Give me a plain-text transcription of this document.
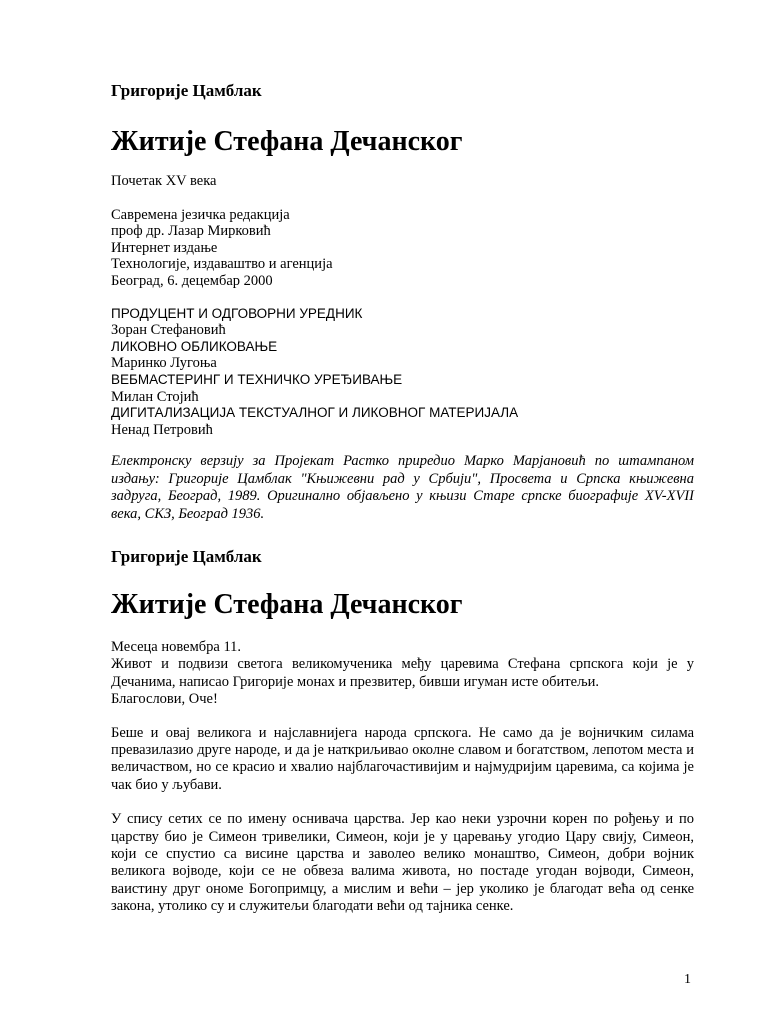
Григорије Цамблак

Житије Стефана Дечанског

Почетак XV века

Савремена језичка редакција

проф др. Лазар Мирковић

Интернет издање

Технологије, издаваштво и агенција

Београд, 6. децембар 2000

ПРОДУЦЕНТ И ОДГОВОРНИ УРЕДНИК

Зоран Стефановић

ЛИКОВНО ОБЛИКОВАЊЕ

Маринко Лугоња

ВЕБМАСТЕРИНГ И ТЕХНИЧКО УРЕЂИВАЊЕ

Милан Стојић

ДИГИТАЛИЗАЦИЈА ТЕКСТУАЛНОГ И ЛИКОВНОГ МАТЕРИЈАЛА

Ненад Петровић

Електронску верзију за Пројекат Растко приредио Марко Марјановић по штампаном издању: Григорије Цамблак "Књижевни рад у Србији", Просвета и Српска књижевна задруга, Београд, 1989. Оригинално објављено у књизи Старе српске биографије XV-XVII века, СКЗ, Београд 1936.

Григорије Цамблак

Житије Стефана Дечанског

Месеца новембра 11.

Живот и подвизи светога великомученика међу царевима Стефана српскога који је у Дечанима, написао Григорије монах и презвитер, бивши игуман исте обитељи.

Благослови, Оче!

Беше и овај великога и најславнијега народа српскога. Не само да је војничким силама превазилазио друге народе, и да је наткриљивао околне славом и богатством, лепотом места и величаством, но се красио и хвалио најблагочастивијим и најмудријим царевима, са којима је чак био у љубави.

У спису сетих се по имену оснивача царства. Јер као неки узрочни корен по рођењу и по царству био је Симеон тривелики, Симеон, који је у царевању угодио Цару свију, Симеон, који се спустио са висине царства и заволео велико монаштво, Симеон, добри војник великога војводе, који се не обвеза валима живота, но постаде угодан војводи, Симеон, ваистину друг ономе Богопримцу, а мислим и већи – јер уколико је благодат већа од сенке закона, утолико су и служитељи благодати већи од тајника сенке.

1
